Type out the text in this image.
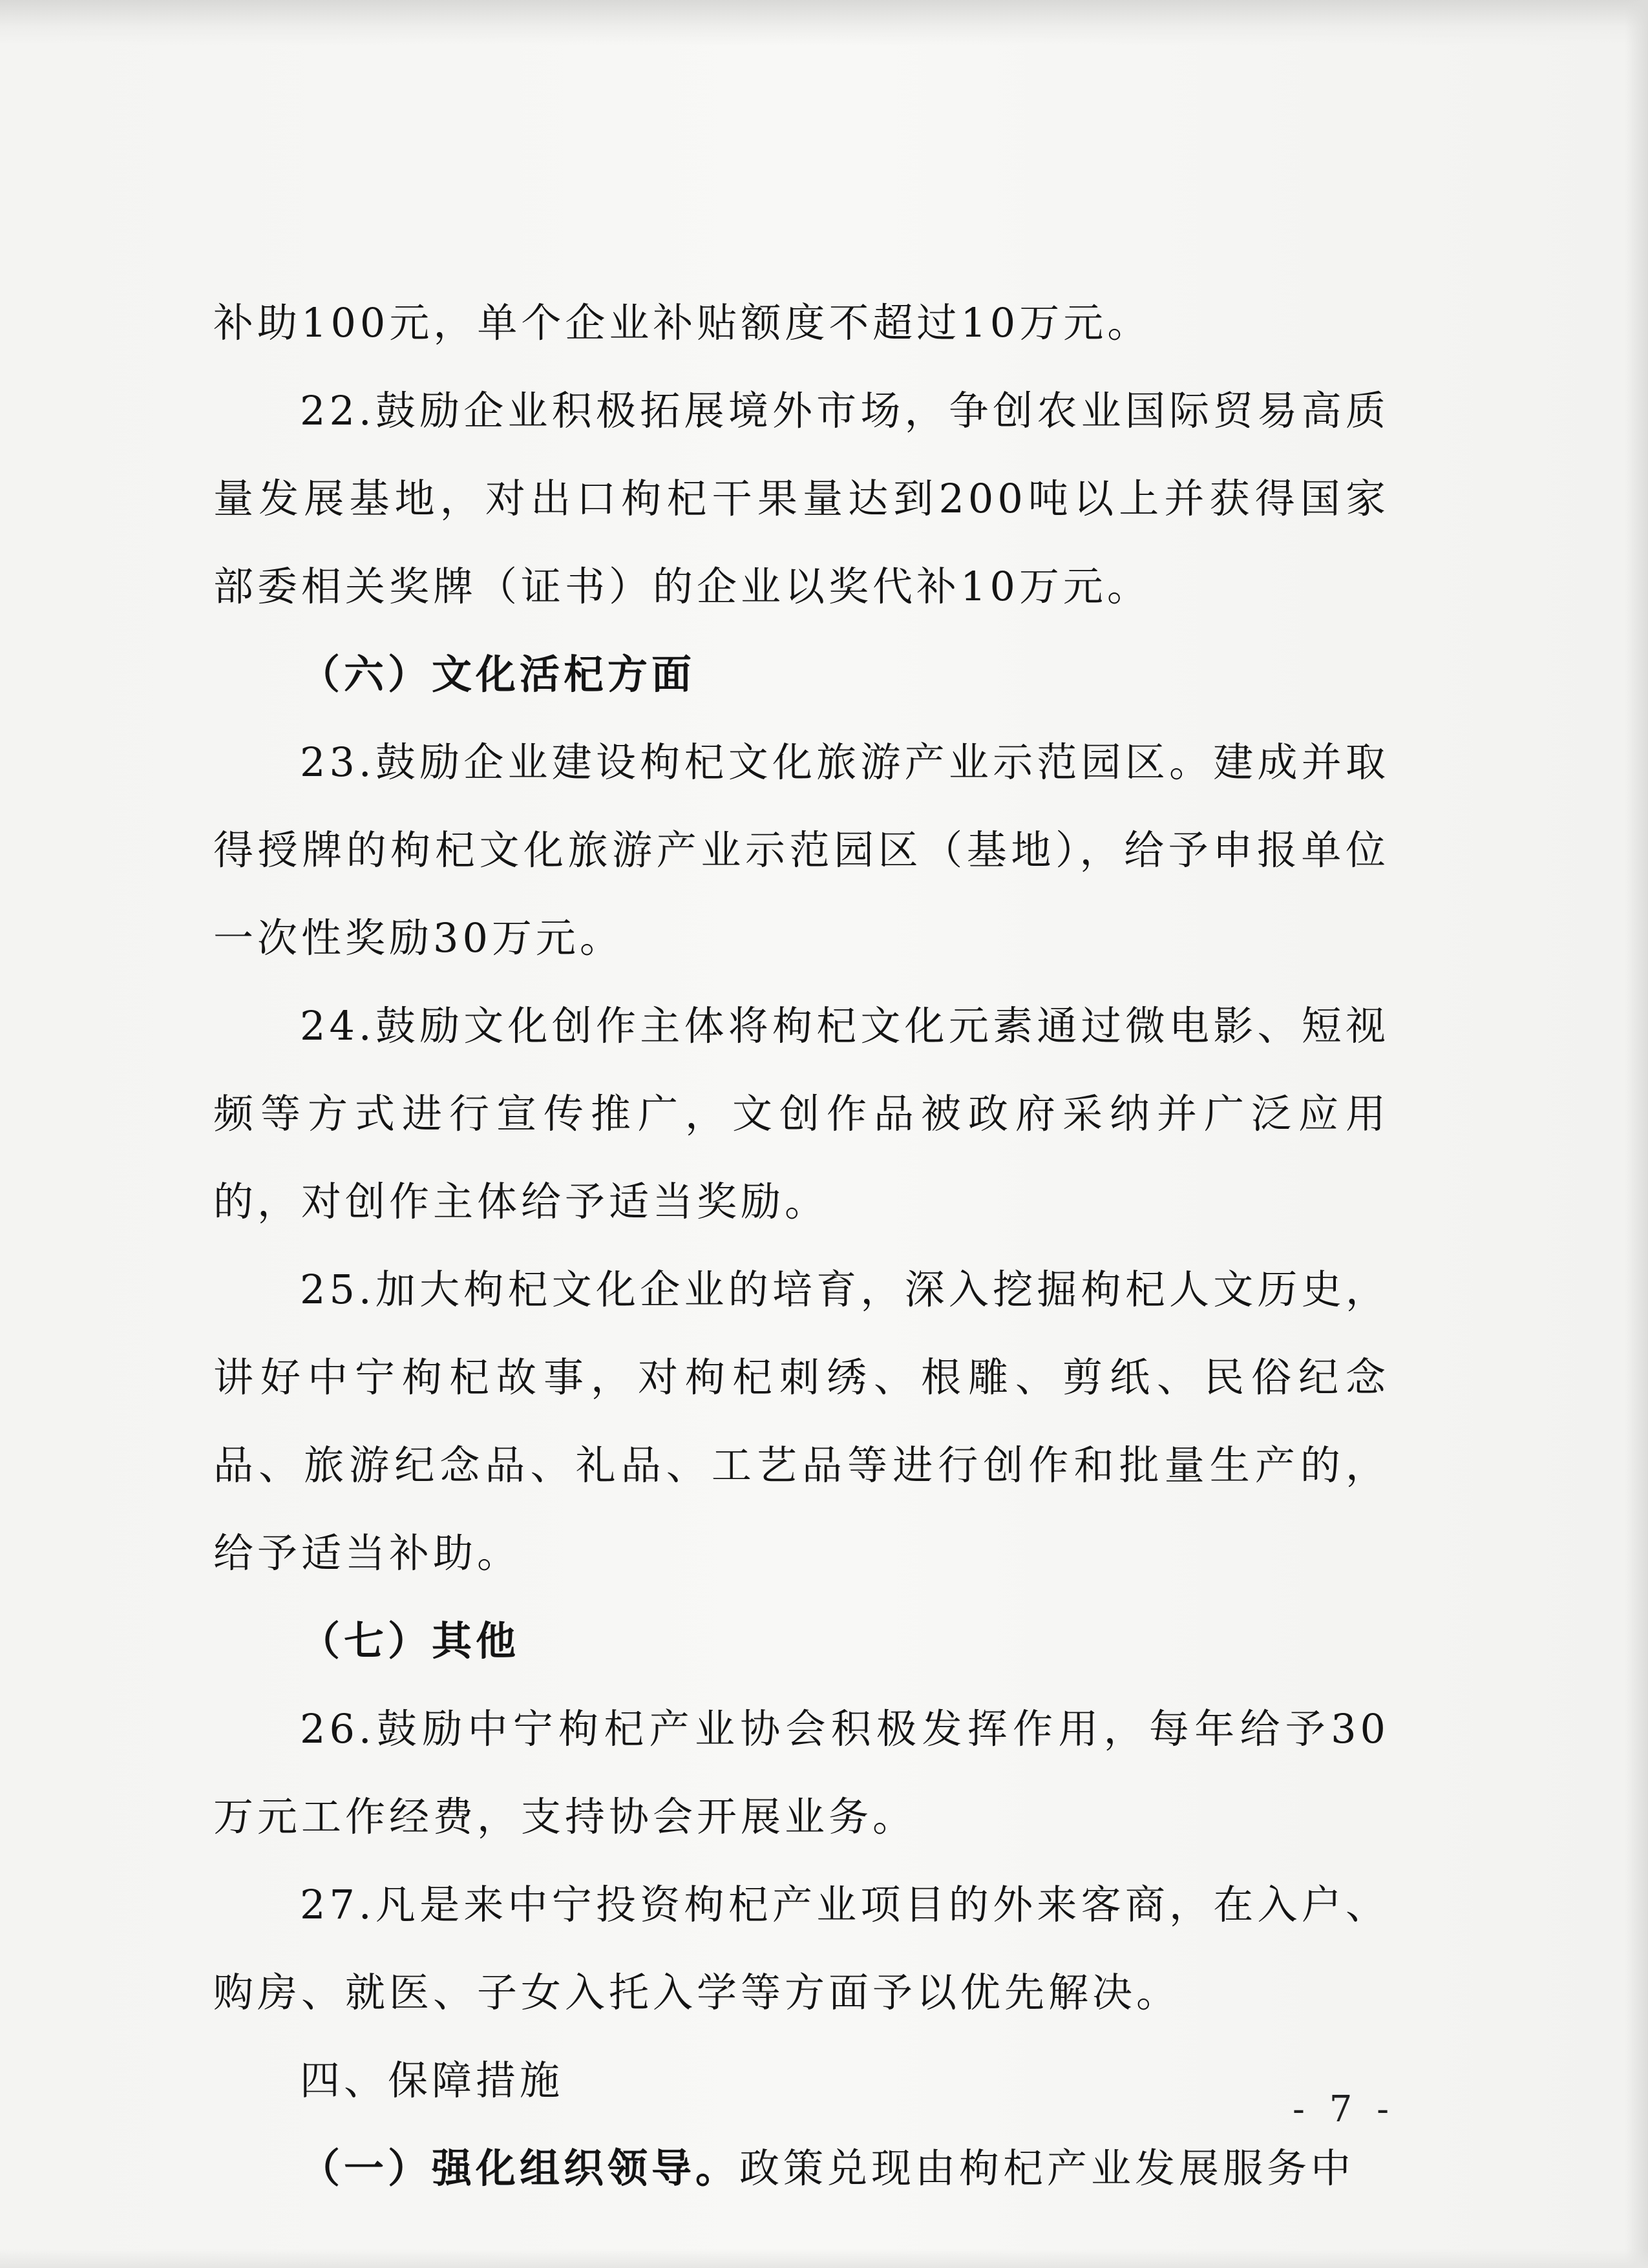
补助100元，单个企业补贴额度不超过10万元。

22.鼓励企业积极拓展境外市场，争创农业国际贸易高质量发展基地，对出口枸杞干果量达到200吨以上并获得国家部委相关奖牌（证书）的企业以奖代补10万元。

（六）文化活杞方面

23.鼓励企业建设枸杞文化旅游产业示范园区。建成并取得授牌的枸杞文化旅游产业示范园区（基地），给予申报单位一次性奖励30万元。

24.鼓励文化创作主体将枸杞文化元素通过微电影、短视频等方式进行宣传推广，文创作品被政府采纳并广泛应用的，对创作主体给予适当奖励。

25.加大枸杞文化企业的培育，深入挖掘枸杞人文历史，讲好中宁枸杞故事，对枸杞刺绣、根雕、剪纸、民俗纪念品、旅游纪念品、礼品、工艺品等进行创作和批量生产的，给予适当补助。

（七）其他

26.鼓励中宁枸杞产业协会积极发挥作用，每年给予30万元工作经费，支持协会开展业务。

27.凡是来中宁投资枸杞产业项目的外来客商，在入户、购房、就医、子女入托入学等方面予以优先解决。

四、保障措施

（一）强化组织领导。政策兑现由枸杞产业发展服务中

- 7 -
